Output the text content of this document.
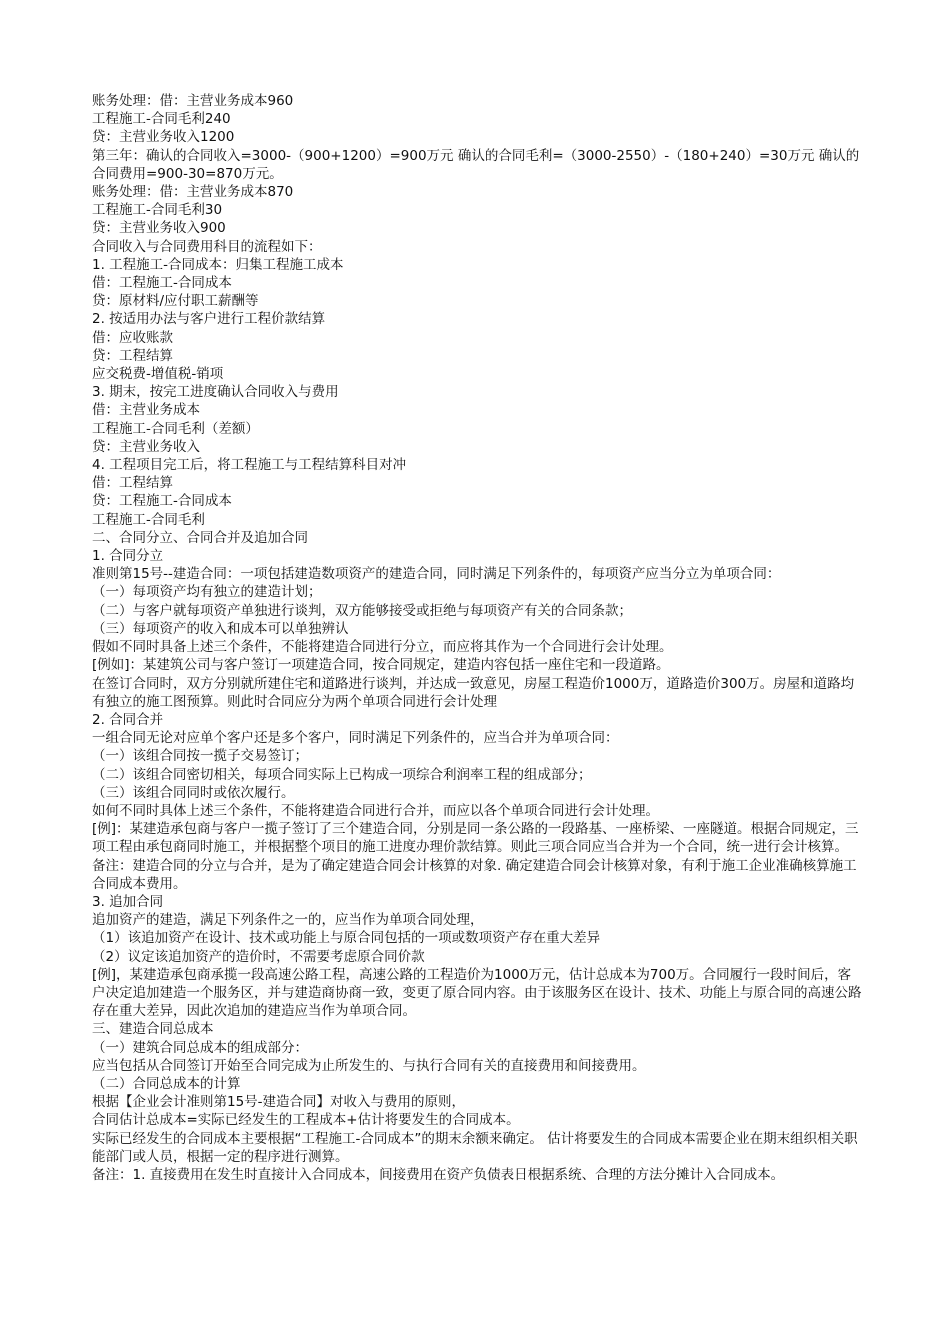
账务处理：借：主营业务成本960
工程施工-合同毛利240
贷：主营业务收入1200
第三年：确认的合同收入=3000-（900+1200）=900万元 确认的合同毛利=（3000-2550）-（180+240）=30万元 确认的合同费用=900-30=870万元。
账务处理：借：主营业务成本870
工程施工-合同毛利30
贷：主营业务收入900
合同收入与合同费用科目的流程如下：
1. 工程施工-合同成本：归集工程施工成本
借：工程施工-合同成本
贷：原材料/应付职工薪酬等
2. 按适用办法与客户进行工程价款结算
借：应收账款
贷：工程结算
应交税费-增值税-销项
3. 期末，按完工进度确认合同收入与费用
借：主营业务成本
工程施工-合同毛利（差额）
贷：主营业务收入
4. 工程项目完工后，将工程施工与工程结算科目对冲
借：工程结算
贷：工程施工-合同成本
工程施工-合同毛利
二、合同分立、合同合并及追加合同
1. 合同分立
准则第15号--建造合同：一项包括建造数项资产的建造合同，同时满足下列条件的，每项资产应当分立为单项合同：
（一）每项资产均有独立的建造计划；
（二）与客户就每项资产单独进行谈判，双方能够接受或拒绝与每项资产有关的合同条款；
（三）每项资产的收入和成本可以单独辨认
假如不同时具备上述三个条件，不能将建造合同进行分立，而应将其作为一个合同进行会计处理。
[例如]：某建筑公司与客户签订一项建造合同，按合同规定，建造内容包括一座住宅和一段道路。
在签订合同时，双方分别就所建住宅和道路进行谈判，并达成一致意见，房屋工程造价1000万，道路造价300万。房屋和道路均有独立的施工图预算。则此时合同应分为两个单项合同进行会计处理
2. 合同合并
一组合同无论对应单个客户还是多个客户，同时满足下列条件的，应当合并为单项合同：
（一）该组合同按一揽子交易签订；
（二）该组合同密切相关，每项合同实际上已构成一项综合利润率工程的组成部分；
（三）该组合同同时或依次履行。
如何不同时具体上述三个条件，不能将建造合同进行合并，而应以各个单项合同进行会计处理。
[例]：某建造承包商与客户一揽子签订了三个建造合同，分别是同一条公路的一段路基、一座桥梁、一座隧道。根据合同规定，三项工程由承包商同时施工，并根据整个项目的施工进度办理价款结算。则此三项合同应当合并为一个合同，统一进行会计核算。
备注：建造合同的分立与合并，是为了确定建造合同会计核算的对象. 确定建造合同会计核算对象，有利于施工企业准确核算施工合同成本费用。
3. 追加合同
追加资产的建造，满足下列条件之一的，应当作为单项合同处理，
（1）该追加资产在设计、技术或功能上与原合同包括的一项或数项资产存在重大差异
（2）议定该追加资产的造价时，不需要考虑原合同价款
[例]，某建造承包商承揽一段高速公路工程，高速公路的工程造价为1000万元，估计总成本为700万。合同履行一段时间后，客户决定追加建造一个服务区，并与建造商协商一致，变更了原合同内容。由于该服务区在设计、技术、功能上与原合同的高速公路存在重大差异，因此次追加的建造应当作为单项合同。
三、建造合同总成本
（一）建筑合同总成本的组成部分：
应当包括从合同签订开始至合同完成为止所发生的、与执行合同有关的直接费用和间接费用。
（二）合同总成本的计算
根据【企业会计准则第15号-建造合同】对收入与费用的原则，
合同估计总成本=实际已经发生的工程成本+估计将要发生的合同成本。
实际已经发生的合同成本主要根据“工程施工-合同成本”的期末余额来确定。 估计将要发生的合同成本需要企业在期末组织相关职能部门或人员，根据一定的程序进行测算。
备注：1. 直接费用在发生时直接计入合同成本，间接费用在资产负债表日根据系统、合理的方法分摊计入合同成本。
